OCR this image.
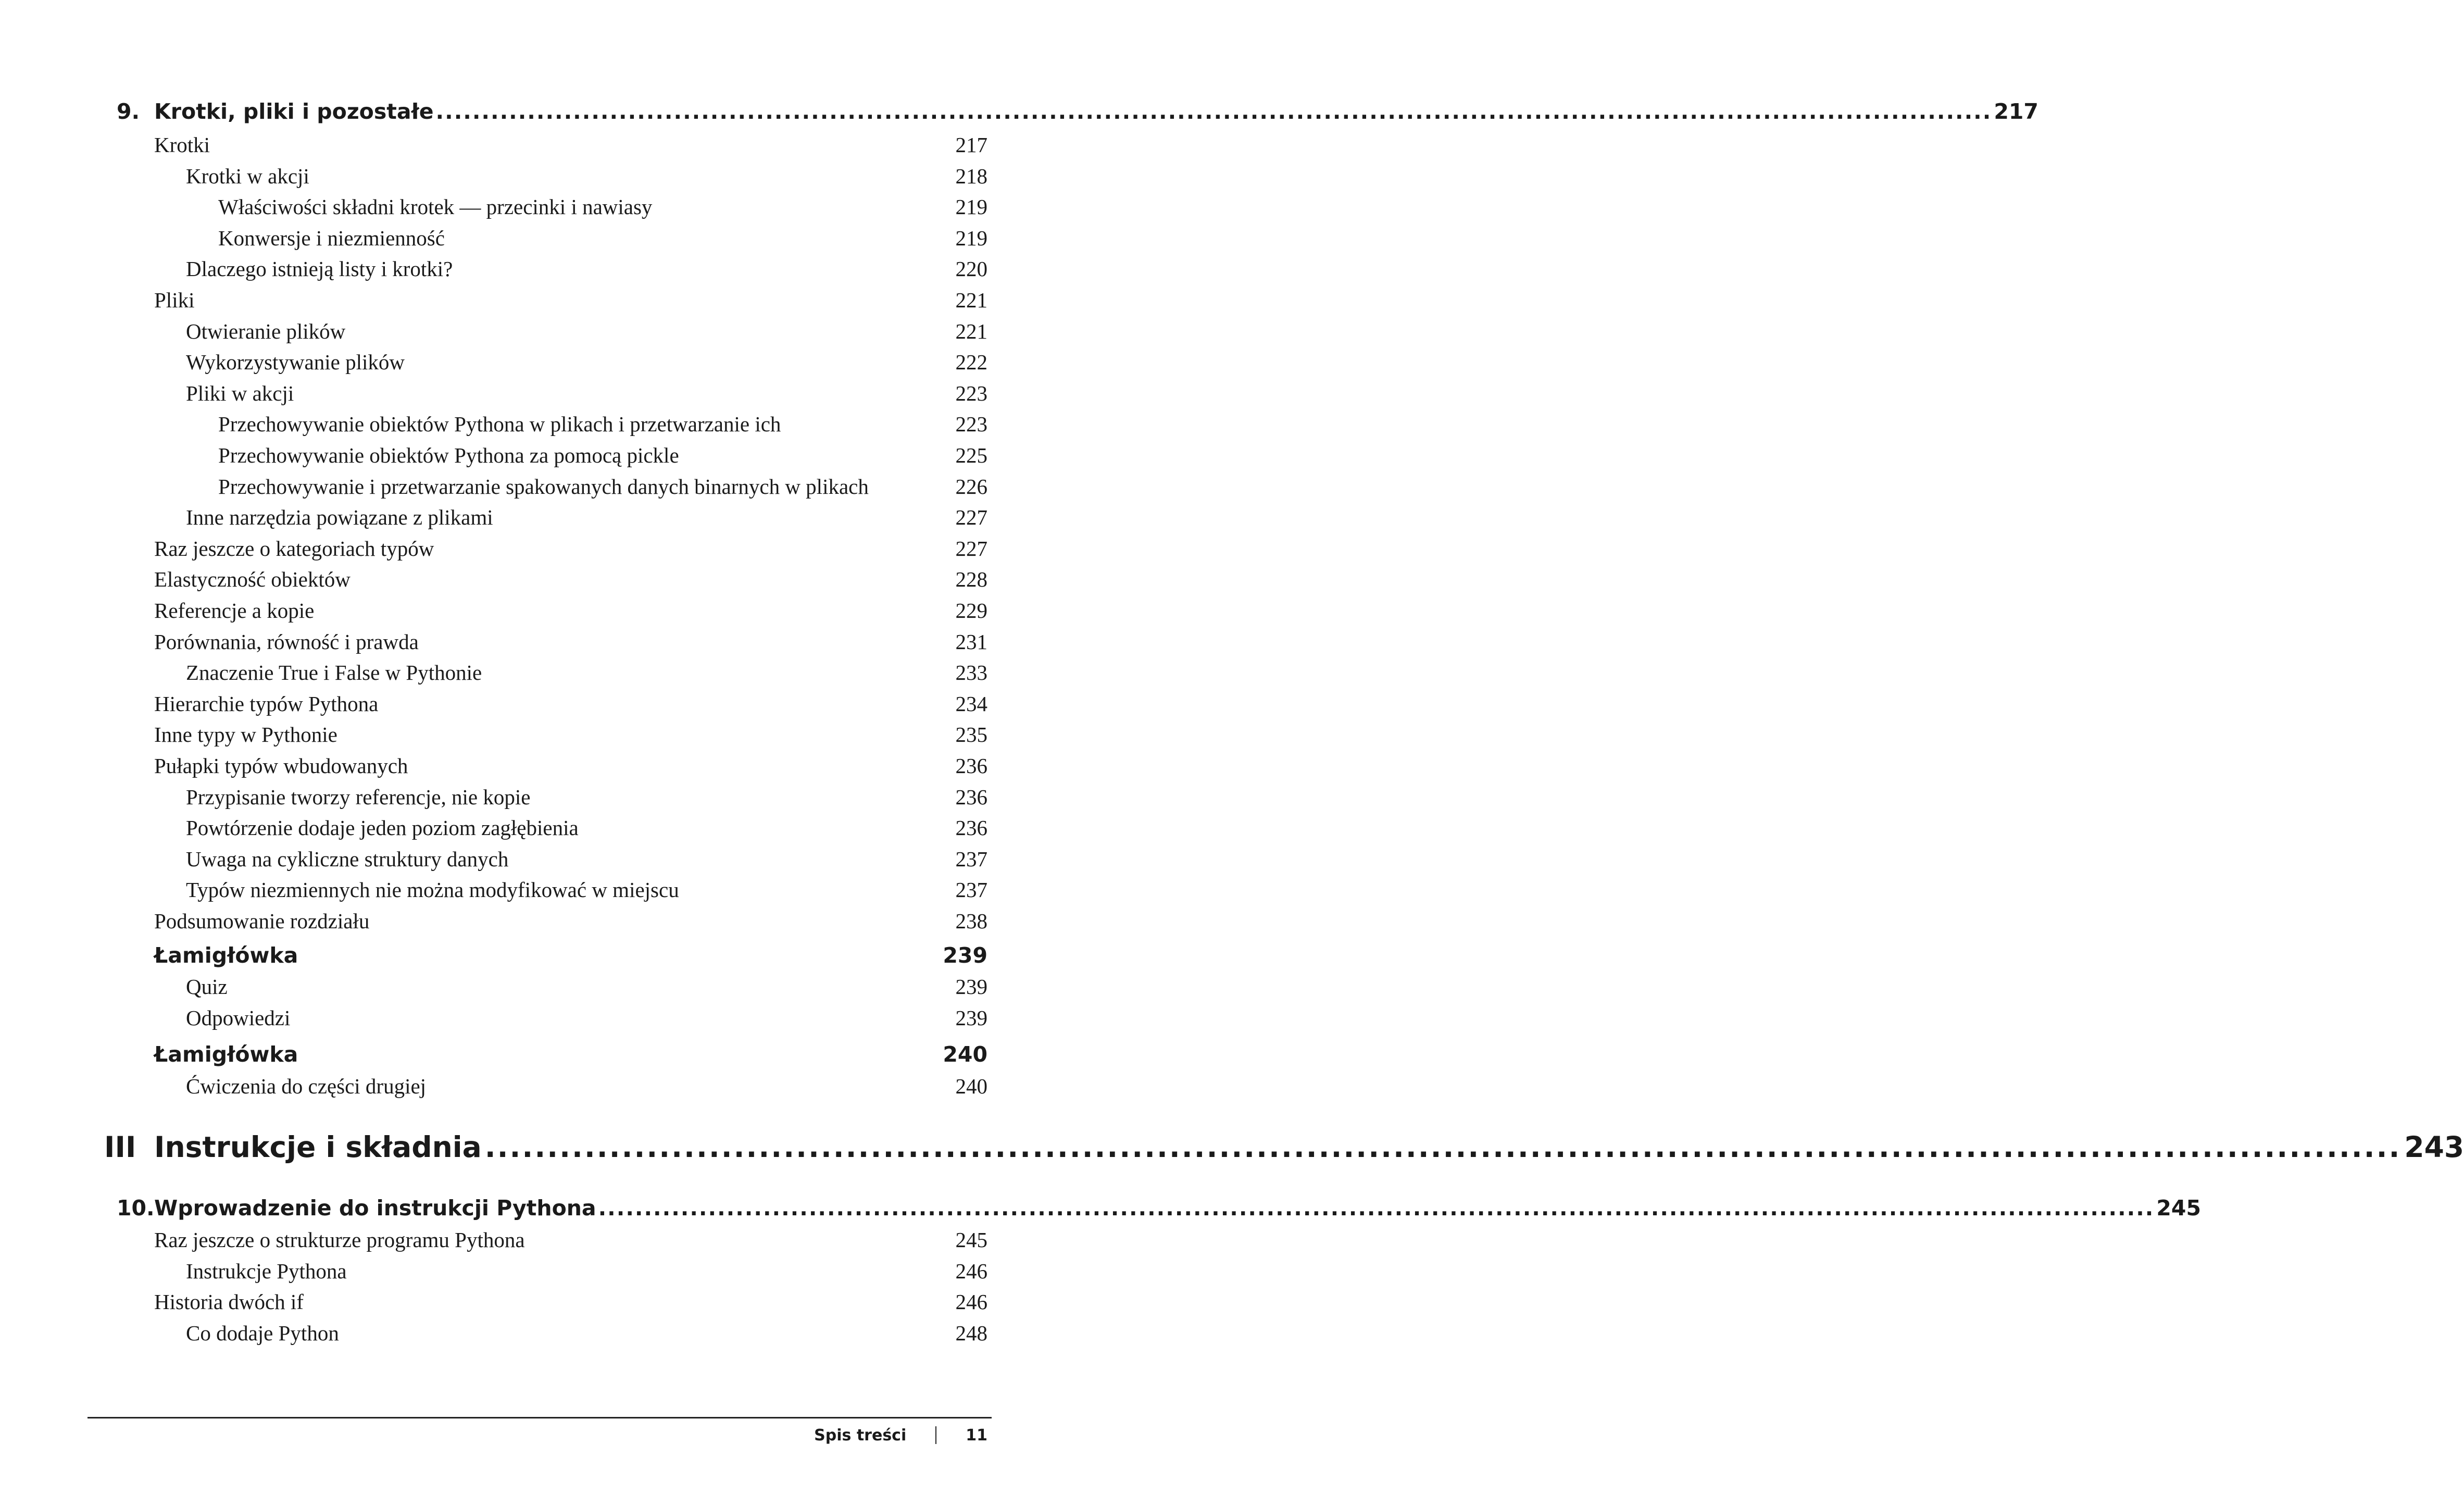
9. Krotki, pliki i pozostałe .......................................................................................................................................................................... 217
Krotki	217
Krotki w akcji	218
Właściwości składni krotek — przecinki i nawiasy	219
Konwersje i niezmienność	219
Dlaczego istnieją listy i krotki?	220
Pliki	221
Otwieranie plików	221
Wykorzystywanie plików	222
Pliki w akcji	223
Przechowywanie obiektów Pythona w plikach i przetwarzanie ich	223
Przechowywanie obiektów Pythona za pomocą pickle	225
Przechowywanie i przetwarzanie spakowanych danych binarnych w plikach	226
Inne narzędzia powiązane z plikami	227
Raz jeszcze o kategoriach typów	227
Elastyczność obiektów	228
Referencje a kopie	229
Porównania, równość i prawda	231
Znaczenie True i False w Pythonie	233
Hierarchie typów Pythona	234
Inne typy w Pythonie	235
Pułapki typów wbudowanych	236
Przypisanie tworzy referencje, nie kopie	236
Powtórzenie dodaje jeden poziom zagłębienia	236
Uwaga na cykliczne struktury danych	237
Typów niezmiennych nie można modyfikować w miejscu	237
Podsumowanie rozdziału	238
Łamigłówka	239
Quiz	239
Odpowiedzi	239
Łamigłówka	240
Ćwiczenia do części drugiej	240
III Instrukcje i składnia .......................................................................................................................................................... 243
10. Wprowadzenie do instrukcji Pythona .......................................................................................................................................................................... 245
Raz jeszcze o strukturze programu Pythona	245
Instrukcje Pythona	246
Historia dwóch if	246
Co dodaje Python	248
Spis treści	11
